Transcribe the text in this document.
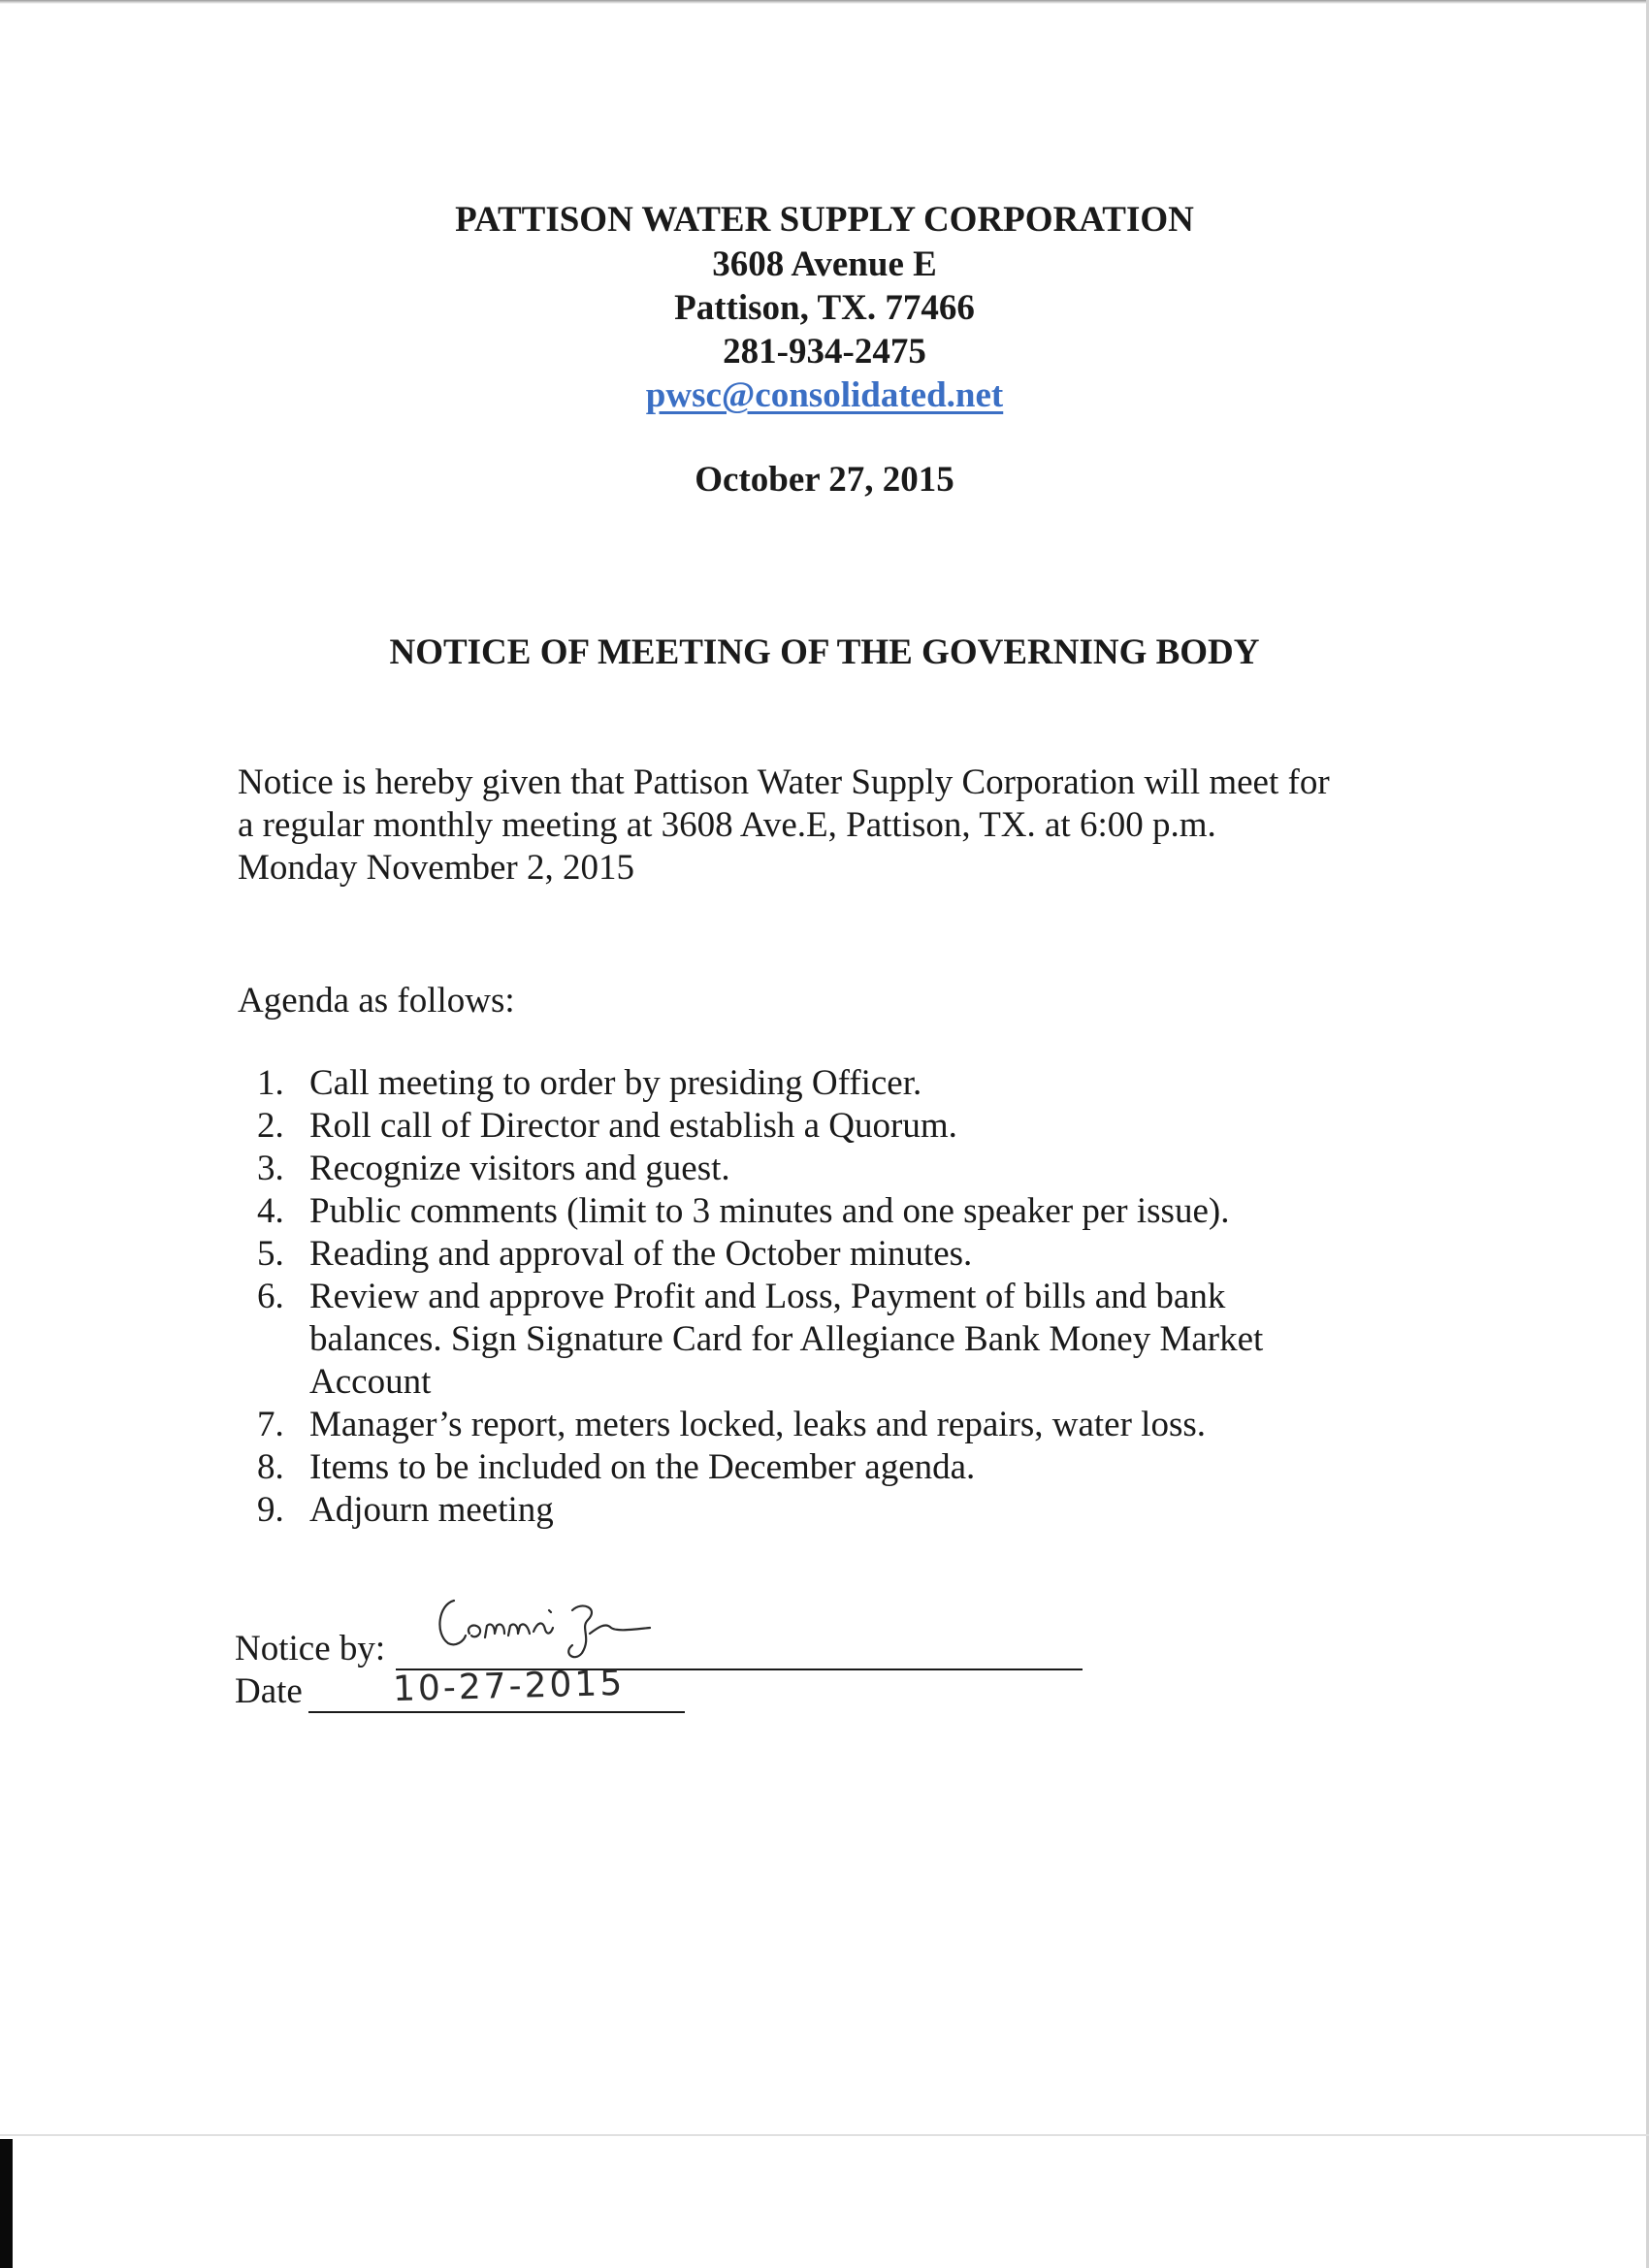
PATTISON WATER SUPPLY CORPORATION
3608 Avenue E
Pattison, TX. 77466
281-934-2475
pwsc@consolidated.net
October 27, 2015
NOTICE OF MEETING OF THE GOVERNING BODY
Notice is hereby given that Pattison Water Supply Corporation will meet for
a regular monthly meeting at 3608 Ave.E, Pattison, TX. at 6:00 p.m.
Monday November 2, 2015
Agenda as follows:
1. Call meeting to order by presiding Officer.
2. Roll call of Director and establish a Quorum.
3. Recognize visitors and guest.
4. Public comments (limit to 3 minutes and one speaker per issue).
5. Reading and approval of the October minutes.
6. Review and approve Profit and Loss, Payment of bills and bank
balances. Sign Signature Card for Allegiance Bank Money Market
Account
7. Manager’s report, meters locked, leaks and repairs, water loss.
8. Items to be included on the December agenda.
9. Adjourn meeting
Notice by:
Date	10-27-2015
